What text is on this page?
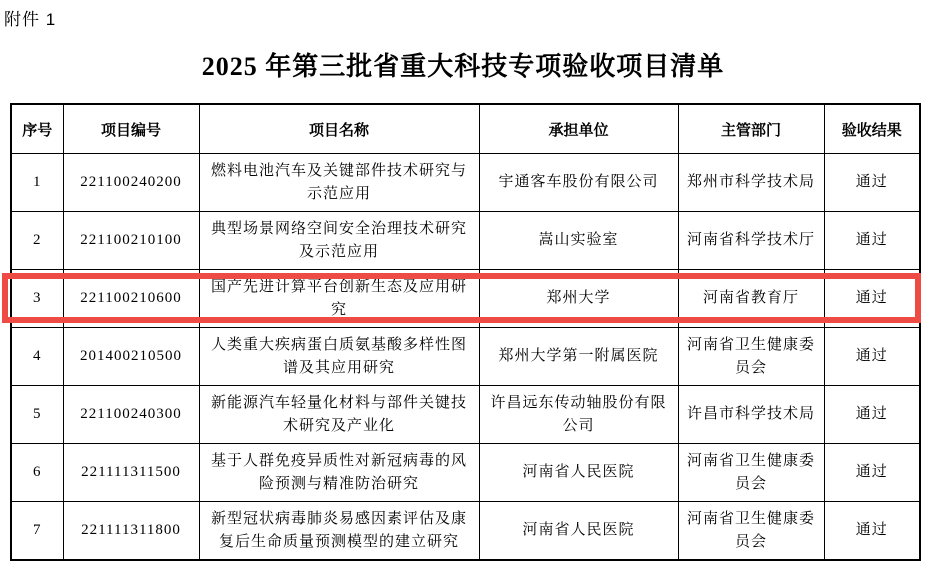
附件 1
2025 年第三批省重大科技专项验收项目清单
序号	项目编号	项目名称	承担单位	主管部门	验收结果
1	221100240200	燃料电池汽车及关键部件技术研究与示范应用	宇通客车股份有限公司	郑州市科学技术局	通过
2	221100210100	典型场景网络空间安全治理技术研究及示范应用	嵩山实验室	河南省科学技术厅	通过
3	221100210600	国产先进计算平台创新生态及应用研究	郑州大学	河南省教育厅	通过
4	201400210500	人类重大疾病蛋白质氨基酸多样性图谱及其应用研究	郑州大学第一附属医院	河南省卫生健康委员会	通过
5	221100240300	新能源汽车轻量化材料与部件关键技术研究及产业化	许昌远东传动轴股份有限公司	许昌市科学技术局	通过
6	221111311500	基于人群免疫异质性对新冠病毒的风险预测与精准防治研究	河南省人民医院	河南省卫生健康委员会	通过
7	221111311800	新型冠状病毒肺炎易感因素评估及康复后生命质量预测模型的建立研究	河南省人民医院	河南省卫生健康委员会	通过
